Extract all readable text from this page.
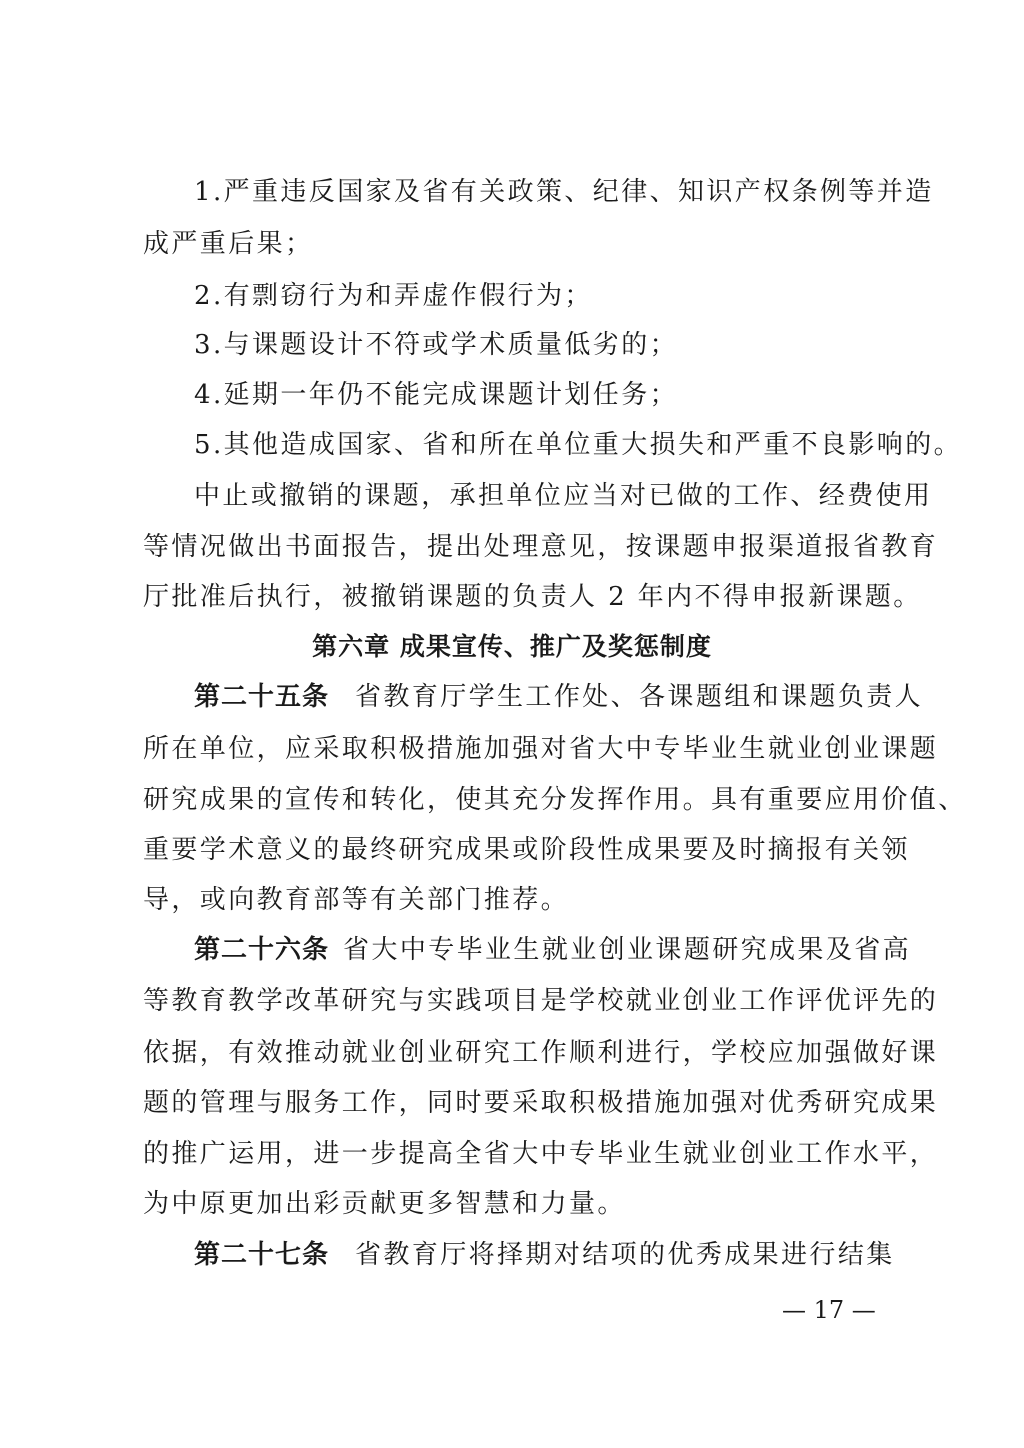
1.严重违反国家及省有关政策、纪律、知识产权条例等并造
成严重后果；
2.有剽窃行为和弄虚作假行为；
3.与课题设计不符或学术质量低劣的；
4.延期一年仍不能完成课题计划任务；
5.其他造成国家、省和所在单位重大损失和严重不良影响的。
中止或撤销的课题，承担单位应当对已做的工作、经费使用
等情况做出书面报告，提出处理意见，按课题申报渠道报省教育
厅批准后执行，被撤销课题的负责人 2 年内不得申报新课题。
第六章 成果宣传、推广及奖惩制度
第二十五条 省教育厅学生工作处、各课题组和课题负责人
所在单位，应采取积极措施加强对省大中专毕业生就业创业课题
研究成果的宣传和转化，使其充分发挥作用。具有重要应用价值、
重要学术意义的最终研究成果或阶段性成果要及时摘报有关领
导，或向教育部等有关部门推荐。
第二十六条 省大中专毕业生就业创业课题研究成果及省高
等教育教学改革研究与实践项目是学校就业创业工作评优评先的
依据，有效推动就业创业研究工作顺利进行，学校应加强做好课
题的管理与服务工作，同时要采取积极措施加强对优秀研究成果
的推广运用，进一步提高全省大中专毕业生就业创业工作水平，
为中原更加出彩贡献更多智慧和力量。
第二十七条 省教育厅将择期对结项的优秀成果进行结集
— 17 —
